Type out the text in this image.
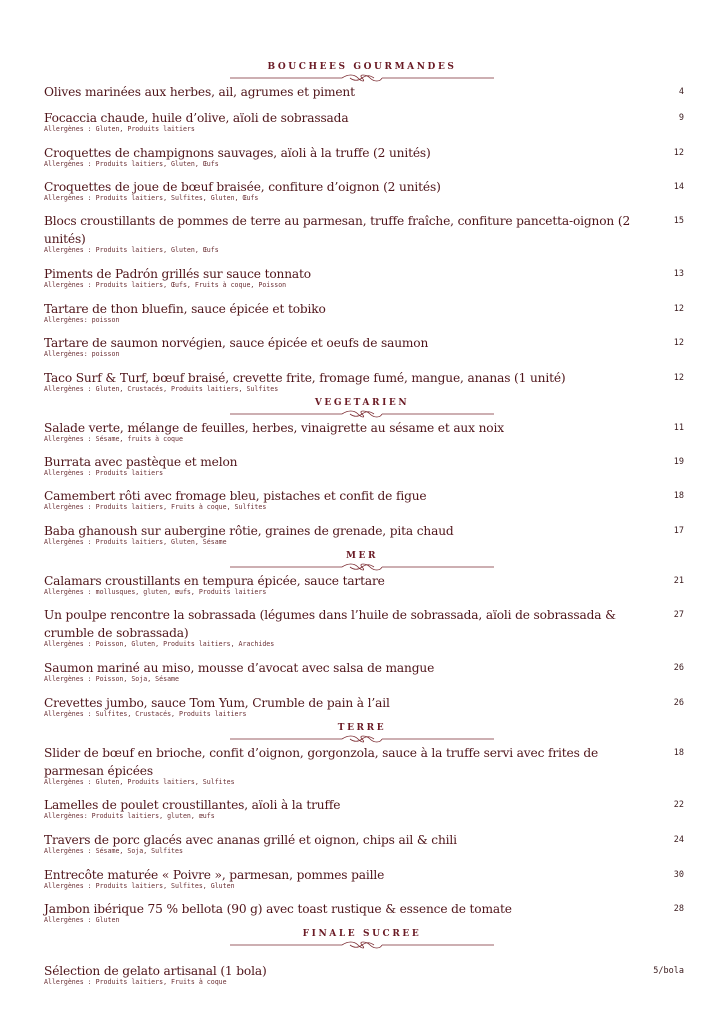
BOUCHEES GOURMANDES
Olives marinées aux herbes, ail, agrumes et piment	4
Focaccia chaude, huile d’olive, aïoli de sobrassada
Allergènes : Gluten, Produits laitiers
9
Croquettes de champignons sauvages, aïoli à la truffe (2 unités)
Allergènes : Produits laitiers, Gluten, Œufs
12
Croquettes de joue de bœuf braisée, confiture d’oignon (2 unités)
Allergènes : Produits laitiers, Sulfites, Gluten, Œufs
14
Blocs croustillants de pommes de terre au parmesan, truffe fraîche, confiture pancetta-oignon (2 unités)
Allergènes : Produits laitiers, Gluten, Œufs
15
Piments de Padrón grillés sur sauce tonnato
Allergènes : Produits laitiers, Œufs, Fruits à coque, Poisson
13
Tartare de thon bluefin, sauce épicée et tobiko
Allergènes: poisson
12
Tartare de saumon norvégien, sauce épicée et oeufs de saumon
Allergènes: poisson
12
Taco Surf & Turf, bœuf braisé, crevette frite, fromage fumé, mangue, ananas (1 unité)
Allergènes : Gluten, Crustacés, Produits laitiers, Sulfites
12
VEGETARIEN
Salade verte, mélange de feuilles, herbes, vinaigrette au sésame et aux noix
Allergènes : Sésame, fruits à coque
11
Burrata avec pastèque et melon
Allergènes : Produits laitiers
19
Camembert rôti avec fromage bleu, pistaches et confit de figue
Allergènes : Produits laitiers, Fruits à coque, Sulfites
18
Baba ghanoush sur aubergine rôtie, graines de grenade, pita chaud
Allergènes : Produits laitiers, Gluten, Sésame
17
MER
Calamars croustillants en tempura épicée, sauce tartare
Allergènes : mollusques, gluten, œufs, Produits laitiers
21
Un poulpe rencontre la sobrassada (légumes dans l’huile de sobrassada, aïoli de sobrassada & crumble de sobrassada)
Allergènes : Poisson, Gluten, Produits laitiers, Arachides
27
Saumon mariné au miso, mousse d’avocat avec salsa de mangue
Allergènes : Poisson, Soja, Sésame
26
Crevettes jumbo, sauce Tom Yum, Crumble de pain à l’ail
Allergènes : Sulfites, Crustacés, Produits laitiers
26
TERRE
Slider de bœuf en brioche, confit d’oignon, gorgonzola, sauce à la truffe servi avec frites de parmesan épicées
Allergènes : Gluten, Produits laitiers, Sulfites
18
Lamelles de poulet croustillantes, aïoli à la truffe
Allergènes: Produits laitiers, gluten, œufs
22
Travers de porc glacés avec ananas grillé et oignon, chips ail & chili
Allergènes : Sésame, Soja, Sulfites
24
Entrecôte maturée « Poivre », parmesan, pommes paille
Allergènes : Produits laitiers, Sulfites, Gluten
30
Jambon ibérique 75 % bellota (90 g) avec toast rustique & essence de tomate
Allergènes : Gluten
28
FINALE SUCREE
Sélection de gelato artisanal (1 bola)
Allergènes : Produits laitiers, Fruits à coque
5/bola
